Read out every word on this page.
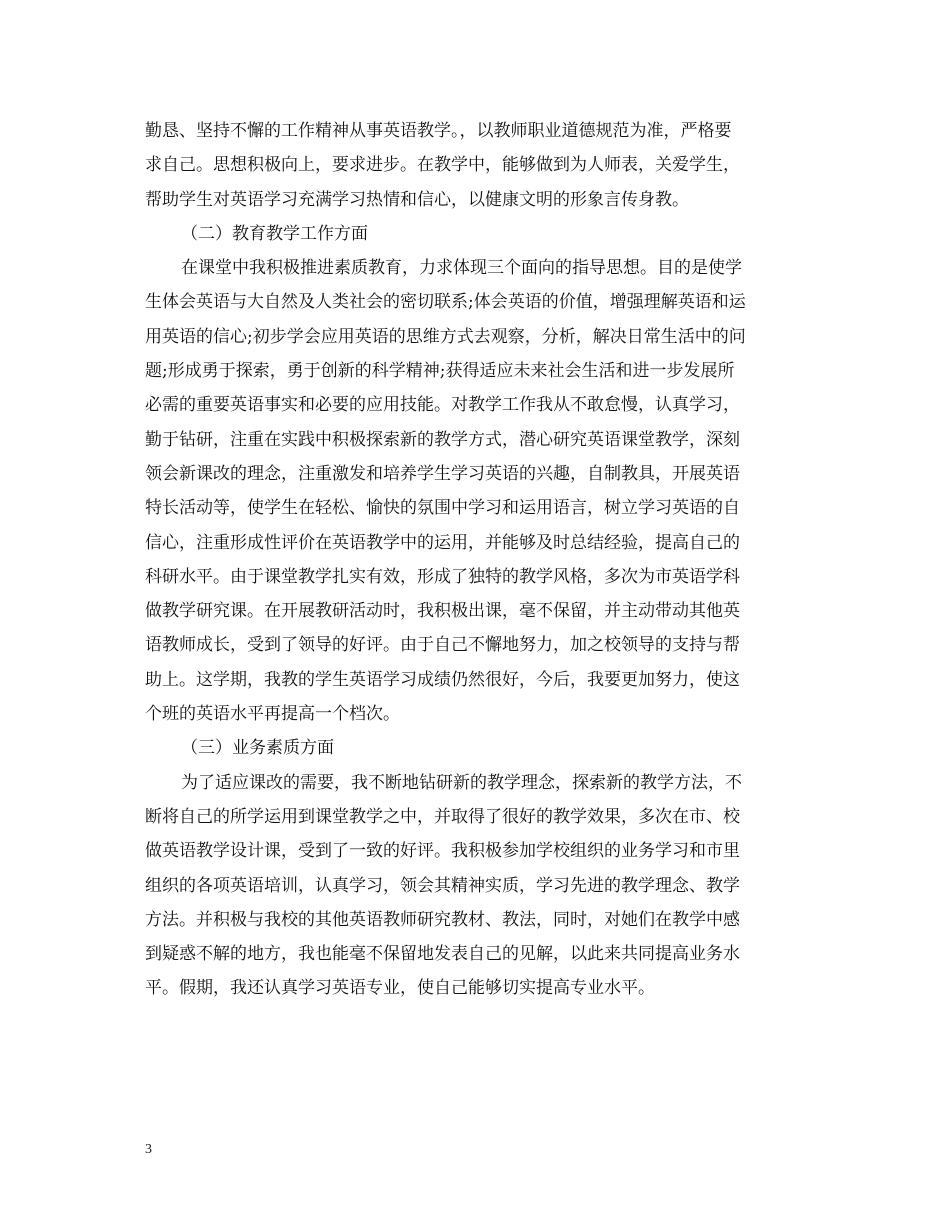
勤恳、坚持不懈的工作精神从事英语教学。，以教师职业道德规范为准，严格要
求自己。思想积极向上，要求进步。在教学中，能够做到为人师表，关爱学生，
帮助学生对英语学习充满学习热情和信心，以健康文明的形象言传身教。
（二）教育教学工作方面
在课堂中我积极推进素质教育，力求体现三个面向的指导思想。目的是使学
生体会英语与大自然及人类社会的密切联系;体会英语的价值，增强理解英语和运
用英语的信心;初步学会应用英语的思维方式去观察，分析，解决日常生活中的问
题;形成勇于探索，勇于创新的科学精神;获得适应未来社会生活和进一步发展所
必需的重要英语事实和必要的应用技能。对教学工作我从不敢怠慢，认真学习，
勤于钻研，注重在实践中积极探索新的教学方式，潜心研究英语课堂教学，深刻
领会新课改的理念，注重激发和培养学生学习英语的兴趣，自制教具，开展英语
特长活动等，使学生在轻松、愉快的氛围中学习和运用语言，树立学习英语的自
信心，注重形成性评价在英语教学中的运用，并能够及时总结经验，提高自己的
科研水平。由于课堂教学扎实有效，形成了独特的教学风格，多次为市英语学科
做教学研究课。在开展教研活动时，我积极出课，毫不保留，并主动带动其他英
语教师成长，受到了领导的好评。由于自己不懈地努力，加之校领导的支持与帮
助上。这学期，我教的学生英语学习成绩仍然很好，今后，我要更加努力，使这
个班的英语水平再提高一个档次。
（三）业务素质方面
为了适应课改的需要，我不断地钻研新的教学理念，探索新的教学方法，不
断将自己的所学运用到课堂教学之中，并取得了很好的教学效果，多次在市、校
做英语教学设计课，受到了一致的好评。我积极参加学校组织的业务学习和市里
组织的各项英语培训，认真学习，领会其精神实质，学习先进的教学理念、教学
方法。并积极与我校的其他英语教师研究教材、教法，同时，对她们在教学中感
到疑惑不解的地方，我也能毫不保留地发表自己的见解，以此来共同提高业务水
平。假期，我还认真学习英语专业，使自己能够切实提高专业水平。
3
